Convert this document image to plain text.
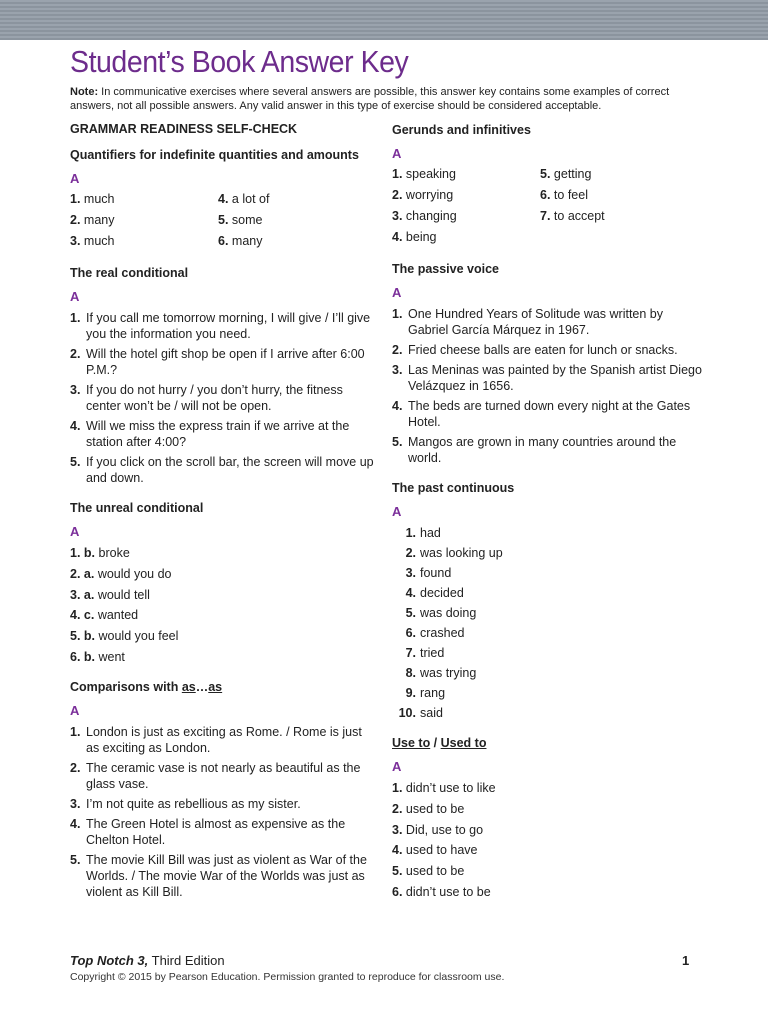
Student’s Book Answer Key
Note: In communicative exercises where several answers are possible, this answer key contains some examples of correct answers, not all possible answers. Any valid answer in this type of exercise should be considered acceptable.
GRAMMAR READINESS SELF-CHECK
Quantifiers for indefinite quantities and amounts
A
1. much	4. a lot of
2. many	5. some
3. much	6. many
The real conditional
A
1. If you call me tomorrow morning, I will give / I’ll give you the information you need.
2. Will the hotel gift shop be open if I arrive after 6:00 P.M.?
3. If you do not hurry / you don’t hurry, the fitness center won’t be / will not be open.
4. Will we miss the express train if we arrive at the station after 4:00?
5. If you click on the scroll bar, the screen will move up and down.
The unreal conditional
A
1. b. broke
2. a. would you do
3. a. would tell
4. c. wanted
5. b. would you feel
6. b. went
Comparisons with as…as
A
1. London is just as exciting as Rome. / Rome is just as exciting as London.
2. The ceramic vase is not nearly as beautiful as the glass vase.
3. I’m not quite as rebellious as my sister.
4. The Green Hotel is almost as expensive as the Chelton Hotel.
5. The movie Kill Bill was just as violent as War of the Worlds. / The movie War of the Worlds was just as violent as Kill Bill.
Gerunds and infinitives
A
1. speaking	5. getting
2. worrying	6. to feel
3. changing	7. to accept
4. being
The passive voice
A
1. One Hundred Years of Solitude was written by Gabriel García Márquez in 1967.
2. Fried cheese balls are eaten for lunch or snacks.
3. Las Meninas was painted by the Spanish artist Diego Velázquez in 1656.
4. The beds are turned down every night at the Gates Hotel.
5. Mangos are grown in many countries around the world.
The past continuous
A
1. had
2. was looking up
3. found
4. decided
5. was doing
6. crashed
7. tried
8. was trying
9. rang
10. said
Use to / Used to
A
1. didn’t use to like
2. used to be
3. Did, use to go
4. used to have
5. used to be
6. didn’t use to be
Top Notch 3, Third Edition
Copyright © 2015 by Pearson Education. Permission granted to reproduce for classroom use.
1
